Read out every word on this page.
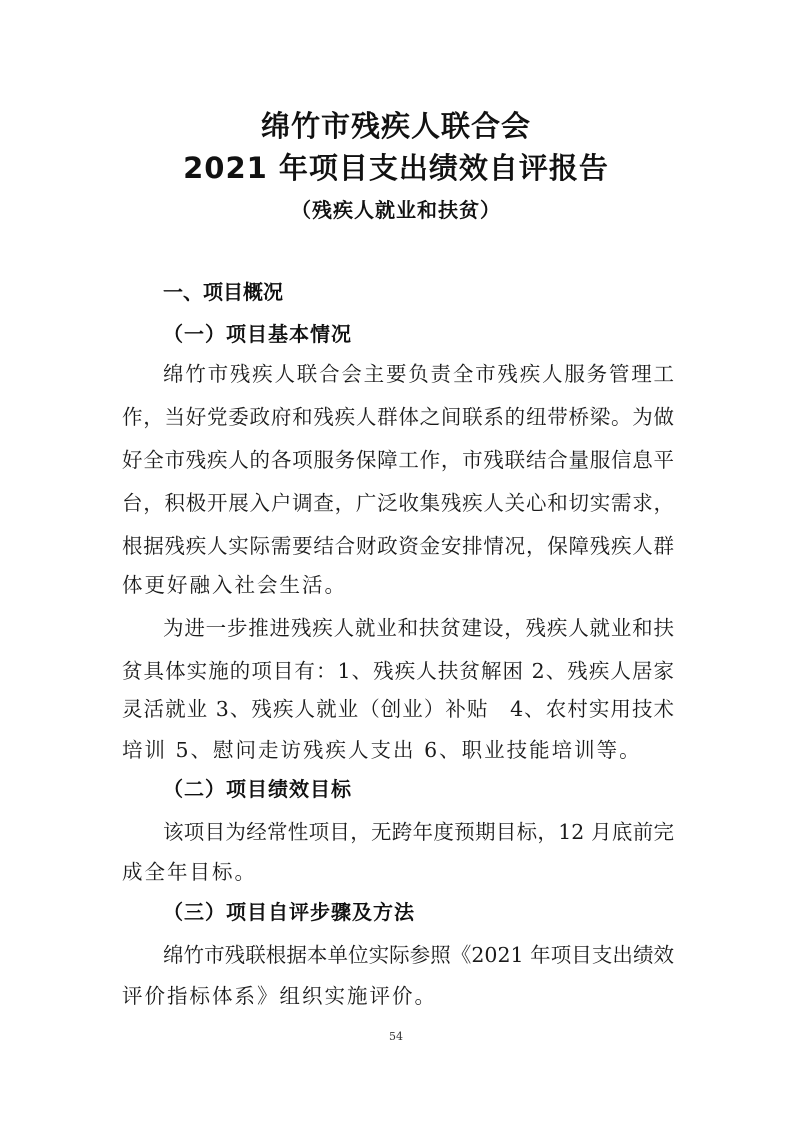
绵竹市残疾人联合会
2021 年项目支出绩效自评报告
（残疾人就业和扶贫）
一、项目概况
（一）项目基本情况
绵竹市残疾人联合会主要负责全市残疾人服务管理工
作，当好党委政府和残疾人群体之间联系的纽带桥梁。为做
好全市残疾人的各项服务保障工作，市残联结合量服信息平
台，积极开展入户调查，广泛收集残疾人关心和切实需求，
根据残疾人实际需要结合财政资金安排情况，保障残疾人群
体更好融入社会生活。
为进一步推进残疾人就业和扶贫建设，残疾人就业和扶
贫具体实施的项目有：1、残疾人扶贫解困 2、残疾人居家
灵活就业 3、残疾人就业（创业）补贴　4、农村实用技术
培训 5、慰问走访残疾人支出 6、职业技能培训等。
（二）项目绩效目标
该项目为经常性项目，无跨年度预期目标，12 月底前完
成全年目标。
（三）项目自评步骤及方法
绵竹市残联根据本单位实际参照《2021 年项目支出绩效
评价指标体系》组织实施评价。
54
